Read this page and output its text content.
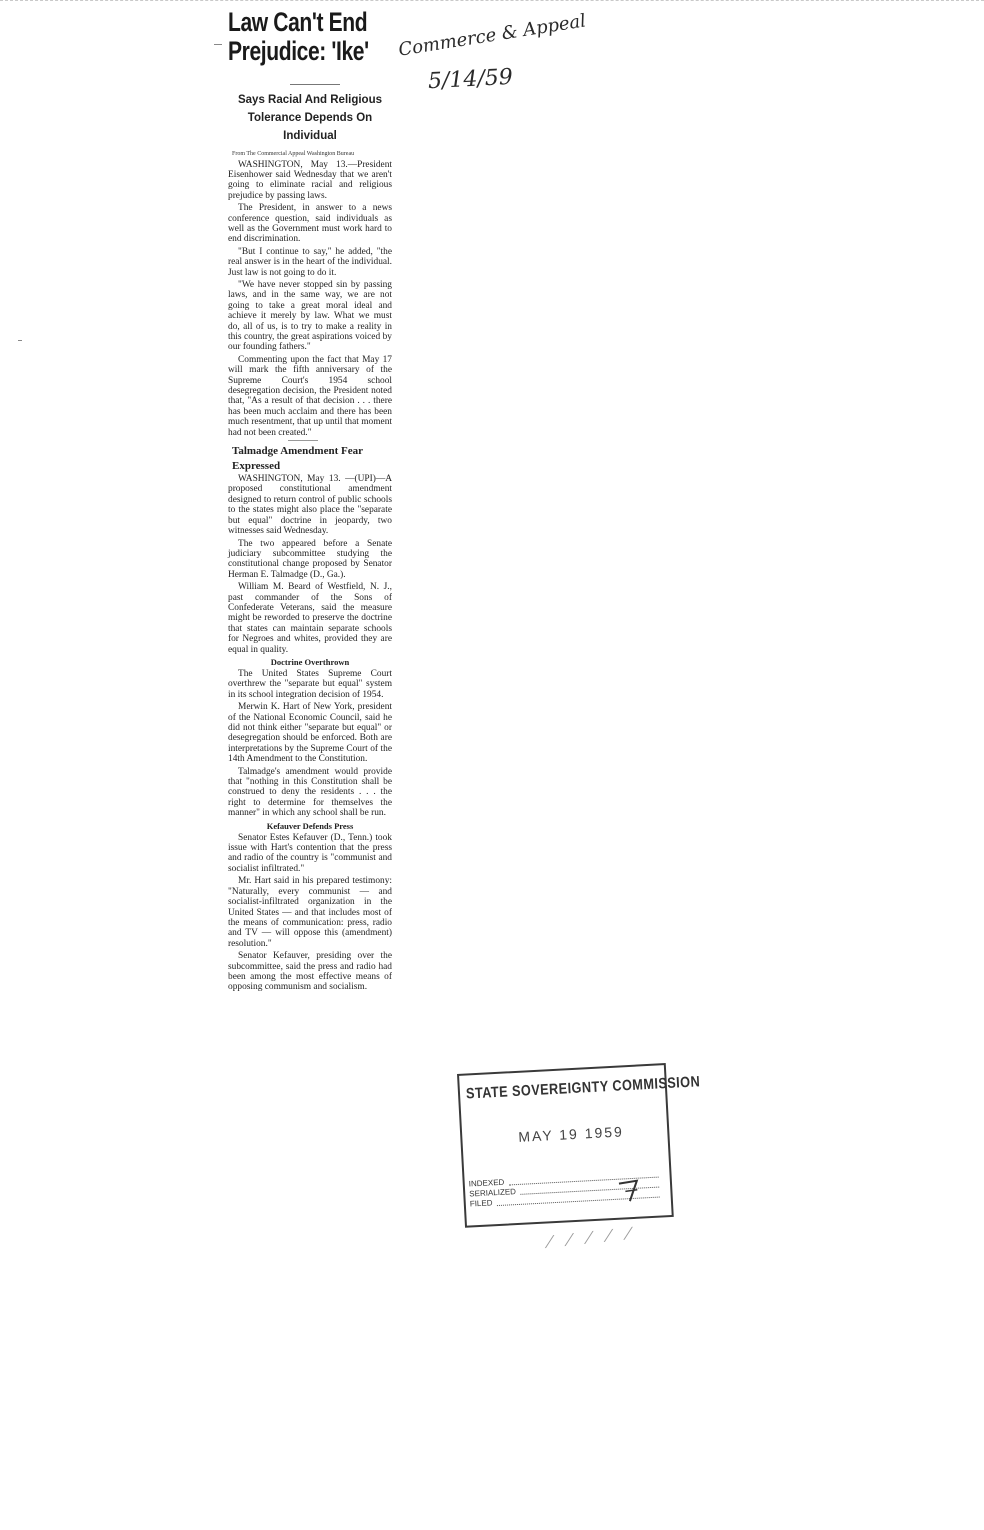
Law Can't End
Prejudice: 'Ike'
Says Racial And Religious Tolerance Depends On Individual
From The Commercial Appeal Washington Bureau

WASHINGTON, May 13.—President Eisenhower said Wednesday that we aren't going to eliminate racial and religious prejudice by passing laws.

The President, in answer to a news conference question, said individuals as well as the Government must work hard to end discrimination.

"But I continue to say," he added, "the real answer is in the heart of the individual. Just law is not going to do it.

"We have never stopped sin by passing laws, and in the same way, we are not going to take a great moral ideal and achieve it merely by law. What we must do, all of us, is to try to make a reality in this country, the great aspirations voiced by our founding fathers."

Commenting upon the fact that May 17 will mark the fifth anniversary of the Supreme Court's 1954 school desegregation decision, the President noted that, "As a result of that decision . . . there has been much acclaim and there has been much resentment, that up until that moment had not been created."

Talmadge Amendment Fear Expressed

WASHINGTON, May 13. —(UPI)—A proposed constitutional amendment designed to return control of public schools to the states might also place the "separate but equal" doctrine in jeopardy, two witnesses said Wednesday.

The two appeared before a Senate judiciary subcommittee studying the constitutional change proposed by Senator Herman E. Talmadge (D., Ga.).

William M. Beard of Westfield, N. J., past commander of the Sons of Confederate Veterans, said the measure might be reworded to preserve the doctrine that states can maintain separate schools for Negroes and whites, provided they are equal in quality.

Doctrine Overthrown

The United States Supreme Court overthrew the "separate but equal" system in its school integration decision of 1954.

Merwin K. Hart of New York, president of the National Economic Council, said he did not think either "separate but equal" or desegregation should be enforced. Both are interpretations by the Supreme Court of the 14th Amendment to the Constitution.

Talmadge's amendment would provide that "nothing in this Constitution shall be construed to deny the residents . . . the right to determine for themselves the manner" in which any school shall be run.

Kefauver Defends Press

Senator Estes Kefauver (D., Tenn.) took issue with Hart's contention that the press and radio of the country is "communist and socialist infiltrated."

Mr. Hart said in his prepared testimony: "Naturally, every communist — and socialist-infiltrated organization in the United States — and that includes most of the means of communication: press, radio and TV — will oppose this (amendment) resolution."

Senator Kefauver, presiding over the subcommittee, said the press and radio had been among the most effective means of opposing communism and socialism.

Commerce & Appeal
5/14/59
STATE SOVEREIGNTY COMMISSION
MAY 19 1959
INDEXED
SERIALIZED
FILED
⁄ ⁄ ⁄ ⁄ ⁄
